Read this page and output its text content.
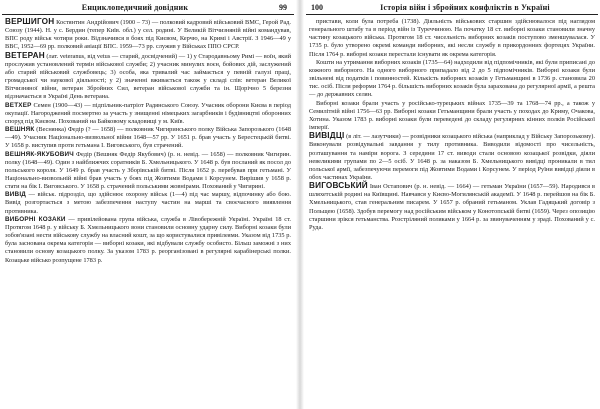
Енциклопедичний довідник	99

ВЕРШИГОН Костянтин Андрійович (1900 – 73) — полковий кадровий військовий ВМС, Герой Рад. Союзу (1944). Н. у с. Бердин (тепер Київ. обл.) у сел. родині. У Великій Вітчизняній війні командував, ВПС роду військ чотири роки. Відзначився в боях під Києвом, Керчю, на Кримі і Австрії. З 1946—49 у ВВС, 1952—69 рр. полковий авіації ВПС. 1959—73 рр. служив у Військах ППО СРСР.

ВЕТЕРАН (лат. veteranus, від vetus — старий, досвідчений) — 1) у Стародавньому Римі — воїн, який прослужив установлений термін військової служби; 2) учасник минулих воєн, бойових дій, заслужений або старий військовий службовець; 3) особа, яка тривалий час займається у певній галузі праці, громадської чи наукової діяльності; у 2) значенні вживається також у складі слів: ветеран Великої Вітчизняної війни, ветеран Збройних Сил, ветеран військової служби та ін. Щорічно 5 березня відзначається в Україні День ветерана.

ВЕТХЕР Семен (1900—43) — підпільник-патріот Радянського Союзу. Учасник оборони Києва в період окупації. Нагороджений посмертно за участь у знищенні німецьких загарбників і будівництві оборонних споруд під Києвом. Похований на Байковому кладовищі у м. Київ.

ВЕШНЯК (Веснянка) Федір (? — 1658) — полковник Чигиринського полку Війська Запорозького (1648—49). Учасник Національно-визвольної війни 1648—57 рр. У 1651 р. брав участь у Берестецькій битві. У 1658 р. виступив проти гетьмана І. Виговського, був страчений.

ВЕШНЯК-ЯКУБОВИЧ Федір (Вешняк Федір Якубович) (р. н. невід. — 1658) — полковник Чигирин. полку (1648—49). Один з найближчих соратників Б. Хмельницького. У 1648 р. був посланий як посол до польського короля. У 1649 р. брав участь у Зборівській битві. Після 1652 р. перебував при гетьмані. У Національно-визвольній війні брав участь у боях під Жовтими Водами і Корсунем. Вирішив у 1658 р. стати на бік І. Виговського. У 1658 р. страчений польськими жовнірами. Похований у Чигирині.

ВИВІД — військ. підрозділ, що здійснює охорону військ (1—4) під час маршу, відпочинку або бою. Вивід розгортається з метою забезпечення наступу частин на марші та своєчасного виявлення противника.

ВИБОРНІ КОЗАКИ — привілейована група війська, служба в Лівобережній Україні. Україні 18 ст. Протягом 1648 р. у війську Б. Хмельницького вони становили основну ударну силу. Виборні козаки були зобов'язані нести військову службу на власний кошт, за що користувалися привілеями. Указом від 1735 р. була заснована окрема категорія — виборні козаки, які відбували службу особисто. Більш заможні з них становили основу козацького полку. За указом 1783 р. реорганізовані в регулярні карабінерські полки. Козацьке військо розпущене 1783 р.

100	Історія війн і збройних конфліктів в Україні

пристави, коли була потреба (1738). Діяльність військових старшин здійснювалося під наглядом генерального штабу та в період війн із Туреччиною. На початку 18 ст. виборні козаки становили значну частину козацького війська. Протягом 18 ст. чисельність виборних козаків поступово зменшувалася. У 1735 р. було утворено окремі команди виборних, які несли службу в прикордонних фортецях України. Після 1764 р. виборні козаки перестали існувати як окрема категорія.

Кошти на утримання виборних козаків (1735—64) надходили від підпомічників, які були приписані до кожного виборного. На одного виборного припадало від 2 до 5 підпомічників. Виборні козаки були звільнені від податків і повинностей. Кількість виборних козаків у Гетьманщині в 1736 р. становила 20 тис. осіб. Після реформи 1764 р. більшість виборних козаків була зарахована до регулярної армії, а решта — до державних селян.

Виборні козаки брали участь у російсько-турецьких війнах 1735—39 та 1768—74 рр., а також у Семилітній війні 1756—63 рр. Виборні козаки Гетьманщини брали участь у походах до Криму, Очакова, Хотина. Указом 1783 р. виборні козаки були переведені до складу регулярних кінних полків Російської імперії.

ВИВІДЦІ (в літ. — лазутчики) — розвідники козацького війська (наприклад у Війську Запорозькому). Виконували розвідувальні завдання у тилу противника. Виводили відомості про чисельність, розташування та наміри ворога. З середини 17 ст. виводи стали основою козацької розвідки, діяли невеликими групами по 2—5 осіб. У 1648 р. за наказом Б. Хмельницького вивідці проникали в тил польської армії, забезпечуючи перемоги під Жовтими Водами і Корсунем. У період Руїни вивідці діяли в обох частинах України.

ВИГОВСЬКИЙ Іван Остапович (р. н. невід. — 1664) — гетьман України (1657—59). Народився в шляхетській родині на Київщині. Навчався у Києво-Могилянській академії. У 1648 р. перейшов на бік Б. Хмельницького, став генеральним писарем. У 1657 р. обраний гетьманом. Уклав Гадяцький договір з Польщею (1658). Здобув перемогу над російським військом у Конотопській битві (1659). Через опозицію старшини зрікся гетьманства. Розстріляний поляками у 1664 р. за звинуваченням у зраді. Похований у с. Руда.
